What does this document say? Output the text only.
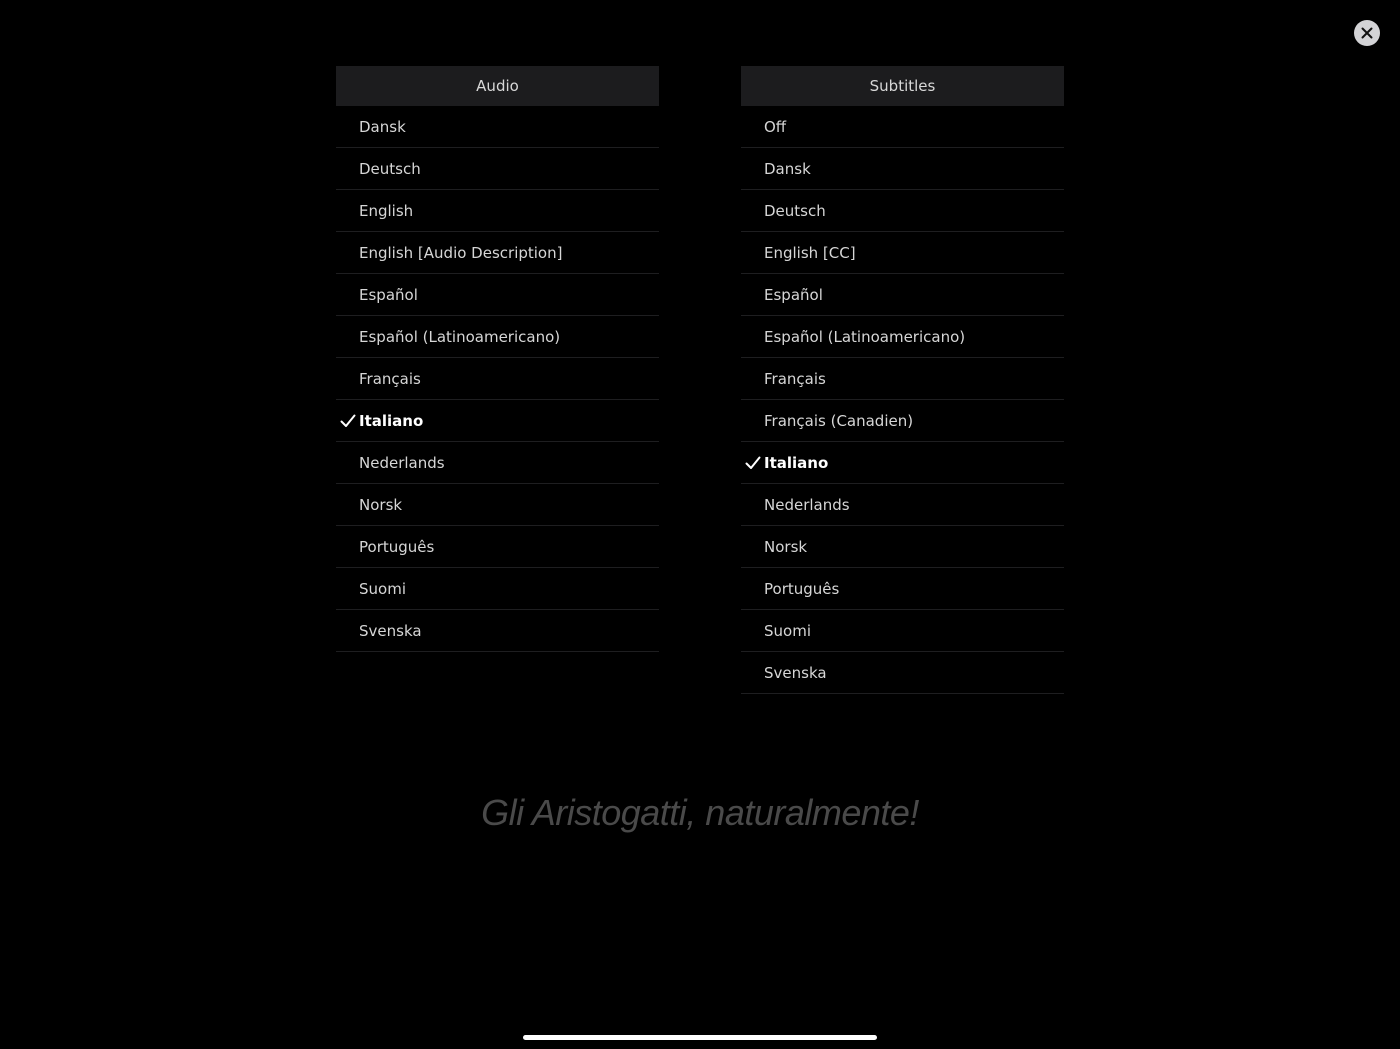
Audio
Dansk
Deutsch
English
English [Audio Description]
Español
Español (Latinoamericano)
Français
Italiano
Nederlands
Norsk
Português
Suomi
Svenska
Subtitles
Off
Dansk
Deutsch
English [CC]
Español
Español (Latinoamericano)
Français
Français (Canadien)
Italiano
Nederlands
Norsk
Português
Suomi
Svenska
Gli Aristogatti, naturalmente!
